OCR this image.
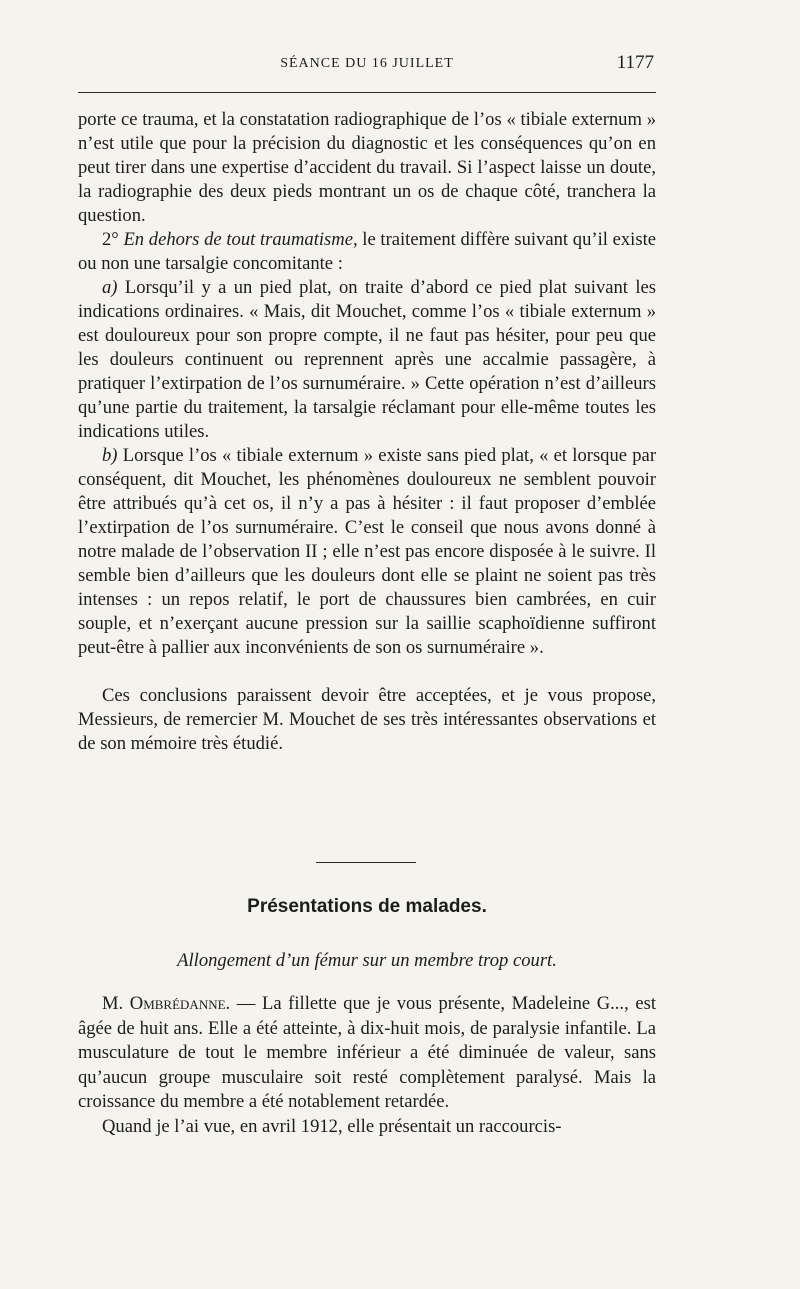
SÉANCE DU 16 JUILLET	1177

porte ce trauma, et la constatation radiographique de l’os « tibiale externum » n’est utile que pour la précision du diagnostic et les conséquences qu’on en peut tirer dans une expertise d’accident du travail. Si l’aspect laisse un doute, la radiographie des deux pieds montrant un os de chaque côté, tranchera la question.

2° En dehors de tout traumatisme, le traitement diffère suivant qu’il existe ou non une tarsalgie concomitante :

a) Lorsqu’il y a un pied plat, on traite d’abord ce pied plat suivant les indications ordinaires. « Mais, dit Mouchet, comme l’os « tibiale externum » est douloureux pour son propre compte, il ne faut pas hésiter, pour peu que les douleurs continuent ou reprennent après une accalmie passagère, à pratiquer l’extirpation de l’os surnuméraire. » Cette opération n’est d’ailleurs qu’une partie du traitement, la tarsalgie réclamant pour elle-même toutes les indications utiles.

b) Lorsque l’os « tibiale externum » existe sans pied plat, « et lorsque par conséquent, dit Mouchet, les phénomènes douloureux ne semblent pouvoir être attribués qu’à cet os, il n’y a pas à hésiter : il faut proposer d’emblée l’extirpation de l’os surnuméraire. C’est le conseil que nous avons donné à notre malade de l’observation II ; elle n’est pas encore disposée à le suivre. Il semble bien d’ailleurs que les douleurs dont elle se plaint ne soient pas très intenses : un repos relatif, le port de chaussures bien cambrées, en cuir souple, et n’exerçant aucune pression sur la saillie scaphoïdienne suffiront peut-être à pallier aux inconvénients de son os surnuméraire ».

Ces conclusions paraissent devoir être acceptées, et je vous propose, Messieurs, de remercier M. Mouchet de ses très intéressantes observations et de son mémoire très étudié.

Présentations de malades.
Allongement d’un fémur sur un membre trop court.

M. Ombrédanne. — La fillette que je vous présente, Madeleine G..., est âgée de huit ans. Elle a été atteinte, à dix-huit mois, de paralysie infantile. La musculature de tout le membre inférieur a été diminuée de valeur, sans qu’aucun groupe musculaire soit resté complètement paralysé. Mais la croissance du membre a été notablement retardée.

Quand je l’ai vue, en avril 1912, elle présentait un raccourcis-
